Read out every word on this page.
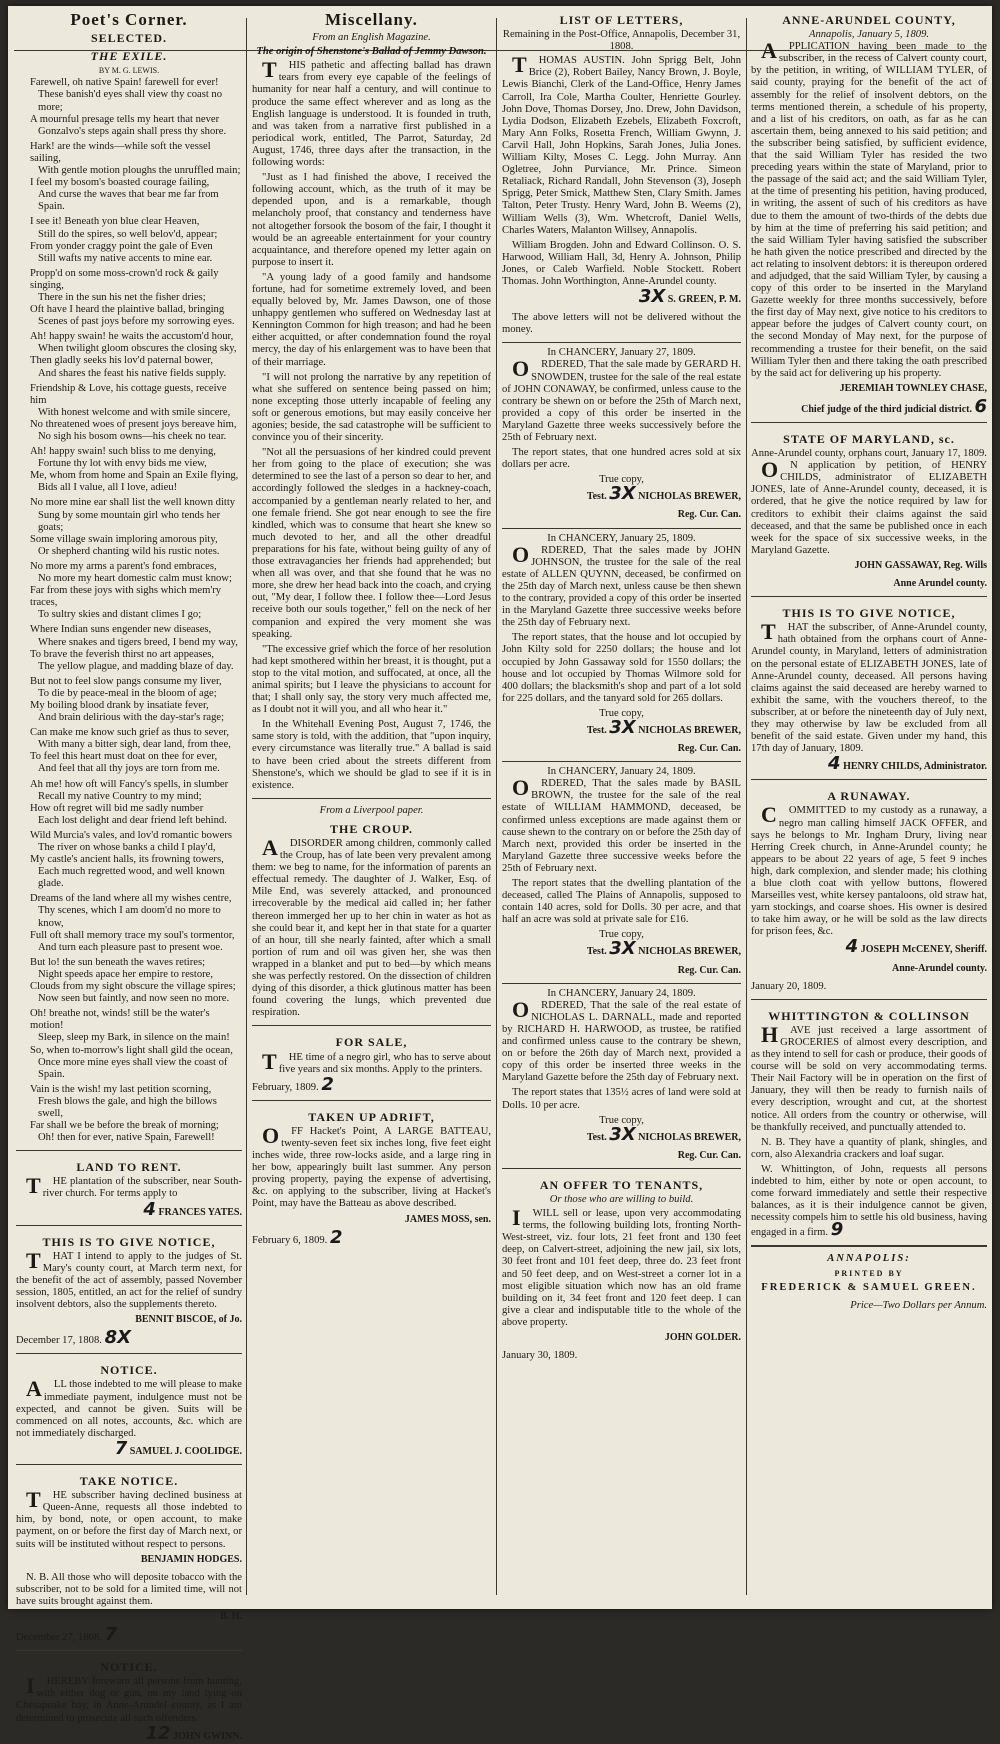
Poet's Corner.
SELECTED.
THE EXILE.
BY M. G. LEWIS.

Farewell, oh native Spain! farewell for ever!

These banish'd eyes shall view thy coast no more;

A mournful presage tells my heart that never

Gonzalvo's steps again shall press thy shore.

Hark! are the winds—while soft the vessel sailing,

With gentle motion ploughs the unruffled main;

I feel my bosom's boasted courage failing,

And curse the waves that bear me far from Spain.

I see it! Beneath yon blue clear Heaven,

Still do the spires, so well belov'd, appear;

From yonder craggy point the gale of Even

Still wafts my native accents to mine ear.

Propp'd on some moss-crown'd rock & gaily singing,

There in the sun his net the fisher dries;

Oft have I heard the plaintive ballad, bringing

Scenes of past joys before my sorrowing eyes.

Ah! happy swain! he waits the accustom'd hour,

When twilight gloom obscures the closing sky,

Then gladly seeks his lov'd paternal bower,

And shares the feast his native fields supply.

Friendship & Love, his cottage guests, receive him

With honest welcome and with smile sincere,

No threatened woes of present joys bereave him,

No sigh his bosom owns—his cheek no tear.

Ah! happy swain! such bliss to me denying,

Fortune thy lot with envy bids me view,

Me, whom from home and Spain an Exile flying,

Bids all I value, all I love, adieu!

No more mine ear shall list the well known ditty

Sung by some mountain girl who tends her goats;

Some village swain imploring amorous pity,

Or shepherd chanting wild his rustic notes.

No more my arms a parent's fond embraces,

No more my heart domestic calm must know;

Far from these joys with sighs which mem'ry traces,

To sultry skies and distant climes I go;

Where Indian suns engender new diseases,

Where snakes and tigers breed, I bend my way,

To brave the feverish thirst no art appeases,

The yellow plague, and madding blaze of day.

But not to feel slow pangs consume my liver,

To die by peace-meal in the bloom of age;

My boiling blood drank by insatiate fever,

And brain delirious with the day-star's rage;

Can make me know such grief as thus to sever,

With many a bitter sigh, dear land, from thee,

To feel this heart must doat on thee for ever,

And feel that all thy joys are torn from me.

Ah me! how oft will Fancy's spells, in slumber

Recall my native Country to my mind;

How oft regret will bid me sadly number

Each lost delight and dear friend left behind.

Wild Murcia's vales, and lov'd romantic bowers

The river on whose banks a child I play'd,

My castle's ancient halls, its frowning towers,

Each much regretted wood, and well known glade.

Dreams of the land where all my wishes centre,

Thy scenes, which I am doom'd no more to know,

Full oft shall memory trace my soul's tormentor,

And turn each pleasure past to present woe.

But lo! the sun beneath the waves retires;

Night speeds apace her empire to restore,

Clouds from my sight obscure the village spires;

Now seen but faintly, and now seen no more.

Oh! breathe not, winds! still be the water's motion!

Sleep, sleep my Bark, in silence on the main!

So, when to-morrow's light shall gild the ocean,

Once more mine eyes shall view the coast of Spain.

Vain is the wish! my last petition scorning,

Fresh blows the gale, and high the billows swell,

Far shall we be before the break of morning;

Oh! then for ever, native Spain, Farewell!

LAND TO RENT.

THE plantation of the subscriber, near South-river church. For terms apply to

4 FRANCES YATES.
THIS IS TO GIVE NOTICE,

THAT I intend to apply to the judges of St. Mary's county court, at March term next, for the benefit of the act of assembly, passed November session, 1805, entitled, an act for the relief of sundry insolvent debtors, also the supplements thereto.

BENNIT BISCOE, of Jo.
December 17, 1808. 8X
NOTICE.

ALL those indebted to me will please to make immediate payment, indulgence must not be expected, and cannot be given. Suits will be commenced on all notes, accounts, &c. which are not immediately discharged.

7 SAMUEL J. COOLIDGE.
TAKE NOTICE.

THE subscriber having declined business at Queen-Anne, requests all those indebted to him, by bond, note, or open account, to make payment, on or before the first day of March next, or suits will be instituted without respect to persons.

BENJAMIN HODGES.

N. B. All those who will deposite tobacco with the subscriber, not to be sold for a limited time, will not have suits brought against them.

B. H.
December 27, 1808. 7
NOTICE.

IHEREBY forewarn all persons from hunting, with either dog or gun, on my land lying on Chesapeake bay, in Anne-Arundel county, as I am determined to prosecute all such offenders.

12 JOHN GWINN.
Miscellany.
From an English Magazine.
The origin of Shenstone's Ballad of Jemmy Dawson.

THIS pathetic and affecting ballad has drawn tears from every eye capable of the feelings of humanity for near half a century, and will continue to produce the same effect wherever and as long as the English language is understood. It is founded in truth, and was taken from a narrative first published in a periodical work, entitled, The Parrot, Saturday, 2d August, 1746, three days after the transaction, in the following words:

"Just as I had finished the above, I received the following account, which, as the truth of it may be depended upon, and is a remarkable, though melancholy proof, that constancy and tenderness have not altogether forsook the bosom of the fair, I thought it would be an agreeable entertainment for your country acquaintance, and therefore opened my letter again on purpose to insert it.

"A young lady of a good family and handsome fortune, had for sometime extremely loved, and been equally beloved by, Mr. James Dawson, one of those unhappy gentlemen who suffered on Wednesday last at Kennington Common for high treason; and had he been either acquitted, or after condemnation found the royal mercy, the day of his enlargement was to have been that of their marriage.

"I will not prolong the narrative by any repetition of what she suffered on sentence being passed on him; none excepting those utterly incapable of feeling any soft or generous emotions, but may easily conceive her agonies; beside, the sad catastrophe will be sufficient to convince you of their sincerity.

"Not all the persuasions of her kindred could prevent her from going to the place of execution; she was determined to see the last of a person so dear to her, and accordingly followed the sledges in a hackney-coach, accompanied by a gentleman nearly related to her, and one female friend. She got near enough to see the fire kindled, which was to consume that heart she knew so much devoted to her, and all the other dreadful preparations for his fate, without being guilty of any of those extravagancies her friends had apprehended; but when all was over, and that she found that he was no more, she drew her head back into the coach, and crying out, "My dear, I follow thee. I follow thee—Lord Jesus receive both our souls together," fell on the neck of her companion and expired the very moment she was speaking.

"The excessive grief which the force of her resolution had kept smothered within her breast, it is thought, put a stop to the vital motion, and suffocated, at once, all the animal spirits; but I leave the physicians to account for that; I shall only say, the story very much affected me, as I doubt not it will you, and all who hear it."

In the Whitehall Evening Post, August 7, 1746, the same story is told, with the addition, that "upon inquiry, every circumstance was literally true." A ballad is said to have been cried about the streets different from Shenstone's, which we should be glad to see if it is in existence.

From a Liverpool paper.
THE CROUP.

ADISORDER among children, commonly called the Croup, has of late been very prevalent among them: we beg to name, for the information of parents an effectual remedy. The daughter of J. Walker, Esq. of Mile End, was severely attacked, and pronounced irrecoverable by the medical aid called in; her father thereon immerged her up to her chin in water as hot as she could bear it, and kept her in that state for a quarter of an hour, till she nearly fainted, after which a small portion of rum and oil was given her, she was then wrapped in a blanket and put to bed—by which means she was perfectly restored. On the dissection of children dying of this disorder, a thick glutinous matter has been found covering the lungs, which prevented due respiration.

FOR SALE,

THE time of a negro girl, who has to serve about five years and six months. Apply to the printers.

February, 1809. 2
TAKEN UP ADRIFT,

OFF Hacket's Point, A LARGE BATTEAU, twenty-seven feet six inches long, five feet eight inches wide, three row-locks aside, and a large ring in her bow, appearingly built last summer. Any person proving property, paying the expense of advertising, &c. on applying to the subscriber, living at Hacket's Point, may have the Batteau as above described.

JAMES MOSS, sen.
February 6, 1809. 2
LIST OF LETTERS,
Remaining in the Post-Office, Annapolis, December 31, 1808.

THOMAS AUSTIN. John Sprigg Belt, John Brice (2), Robert Bailey, Nancy Brown, J. Boyle, Lewis Bianchi, Clerk of the Land-Office, Henry James Carroll, Ira Cole, Martha Coulter, Henriette Gourley. John Dove, Thomas Dorsey, Jno. Drew, John Davidson, Lydia Dodson, Elizabeth Ezebels, Elizabeth Foxcroft, Mary Ann Folks, Rosetta French, William Gwynn, J. Carvil Hall, John Hopkins, Sarah Jones, Julia Jones. William Kilty, Moses C. Legg. John Murray. Ann Ogletree, John Purviance, Mr. Prince. Simeon Retaliack, Richard Randall, John Stevenson (3), Joseph Sprigg, Peter Smick, Matthew Sten, Clary Smith. James Talton, Peter Trusty. Henry Ward, John B. Weems (2), William Wells (3), Wm. Whetcroft, Daniel Wells, Charles Waters, Malanton Willsey, Annapolis.

William Brogden. John and Edward Collinson. O. S. Harwood, William Hall, 3d, Henry A. Johnson, Philip Jones, or Caleb Warfield. Noble Stockett. Robert Thomas. John Worthington, Anne-Arundel county.

3X S. GREEN, P. M.

The above letters will not be delivered without the money.

In CHANCERY, January 27, 1809.

ORDERED, That the sale made by GERARD H. SNOWDEN, trustee for the sale of the real estate of JOHN CONAWAY, be confirmed, unless cause to the contrary be shewn on or before the 25th of March next, provided a copy of this order be inserted in the Maryland Gazette three weeks successively before the 25th of February next.

The report states, that one hundred acres sold at six dollars per acre.

True copy,
Test. 3X NICHOLAS BREWER,
Reg. Cur. Can.
In CHANCERY, January 25, 1809.

ORDERED, That the sales made by JOHN JOHNSON, the trustee for the sale of the real estate of ALLEN QUYNN, deceased, be confirmed on the 25th day of March next, unless cause be then shewn to the contrary, provided a copy of this order be inserted in the Maryland Gazette three successive weeks before the 25th day of February next.

The report states, that the house and lot occupied by John Kilty sold for 2250 dollars; the house and lot occupied by John Gassaway sold for 1550 dollars; the house and lot occupied by Thomas Wilmore sold for 400 dollars; the blacksmith's shop and part of a lot sold for 225 dollars, and the tanyard sold for 265 dollars.

True copy,
Test. 3X NICHOLAS BREWER,
Reg. Cur. Can.
In CHANCERY, January 24, 1809.

ORDERED, That the sales made by BASIL BROWN, the trustee for the sale of the real estate of WILLIAM HAMMOND, deceased, be confirmed unless exceptions are made against them or cause shewn to the contrary on or before the 25th day of March next, provided this order be inserted in the Maryland Gazette three successive weeks before the 25th of February next.

The report states that the dwelling plantation of the deceased, called The Plains of Annapolis, supposed to contain 140 acres, sold for Dolls. 30 per acre, and that half an acre was sold at private sale for £16.

True copy,
Test. 3X NICHOLAS BREWER,
Reg. Cur. Can.
In CHANCERY, January 24, 1809.

ORDERED, That the sale of the real estate of NICHOLAS L. DARNALL, made and reported by RICHARD H. HARWOOD, as trustee, be ratified and confirmed unless cause to the contrary be shewn, on or before the 26th day of March next, provided a copy of this order be inserted three weeks in the Maryland Gazette before the 25th day of February next.

The report states that 135½ acres of land were sold at Dolls. 10 per acre.

True copy,
Test. 3X NICHOLAS BREWER,
Reg. Cur. Can.
AN OFFER TO TENANTS,
Or those who are willing to build.

IWILL sell or lease, upon very accommodating terms, the following building lots, fronting North-West-street, viz. four lots, 21 feet front and 130 feet deep, on Calvert-street, adjoining the new jail, six lots, 30 feet front and 101 feet deep, three do. 23 feet front and 50 feet deep, and on West-street a corner lot in a most eligible situation which now has an old frame building on it, 34 feet front and 120 feet deep. I can give a clear and indisputable title to the whole of the above property.

JOHN GOLDER.
January 30, 1809.
ANNE-ARUNDEL COUNTY,
Annapolis, January 5, 1809.

APPLICATION having been made to the subscriber, in the recess of Calvert county court, by the petition, in writing, of WILLIAM TYLER, of said county, praying for the benefit of the act of assembly for the relief of insolvent debtors, on the terms mentioned therein, a schedule of his property, and a list of his creditors, on oath, as far as he can ascertain them, being annexed to his said petition; and the subscriber being satisfied, by sufficient evidence, that the said William Tyler has resided the two preceding years within the state of Maryland, prior to the passage of the said act; and the said William Tyler, at the time of presenting his petition, having produced, in writing, the assent of such of his creditors as have due to them the amount of two-thirds of the debts due by him at the time of preferring his said petition; and the said William Tyler having satisfied the subscriber he hath given the notice prescribed and directed by the act relating to insolvent debtors: it is thereupon ordered and adjudged, that the said William Tyler, by causing a copy of this order to be inserted in the Maryland Gazette weekly for three months successively, before the first day of May next, give notice to his creditors to appear before the judges of Calvert county court, on the second Monday of May next, for the purpose of recommending a trustee for their benefit, on the said William Tyler then and there taking the oath prescribed by the said act for delivering up his property.

JEREMIAH TOWNLEY CHASE,
Chief judge of the third judicial district. 6
STATE OF MARYLAND, sc.
Anne-Arundel county, orphans court, January 17, 1809.

ON application by petition, of HENRY CHILDS, administrator of ELIZABETH JONES, late of Anne-Arundel county, deceased, it is ordered, that he give the notice required by law for creditors to exhibit their claims against the said deceased, and that the same be published once in each week for the space of six successive weeks, in the Maryland Gazette.

JOHN GASSAWAY, Reg. Wills
Anne Arundel county.
THIS IS TO GIVE NOTICE,

THAT the subscriber, of Anne-Arundel county, hath obtained from the orphans court of Anne-Arundel county, in Maryland, letters of administration on the personal estate of ELIZABETH JONES, late of Anne-Arundel county, deceased. All persons having claims against the said deceased are hereby warned to exhibit the same, with the vouchers thereof, to the subscriber, at or before the nineteenth day of July next, they may otherwise by law be excluded from all benefit of the said estate. Given under my hand, this 17th day of January, 1809.

4 HENRY CHILDS, Administrator.
A RUNAWAY.

COMMITTED to my custody as a runaway, a negro man calling himself JACK OFFER, and says he belongs to Mr. Ingham Drury, living near Herring Creek church, in Anne-Arundel county; he appears to be about 22 years of age, 5 feet 9 inches high, dark complexion, and slender made; his clothing a blue cloth coat with yellow buttons, flowered Marseilles vest, white kersey pantaloons, old straw hat, yarn stockings, and coarse shoes. His owner is desired to take him away, or he will be sold as the law directs for prison fees, &c.

4 JOSEPH McCENEY, Sheriff.
Anne-Arundel county.
January 20, 1809.
WHITTINGTON & COLLINSON

HAVE just received a large assortment of GROCERIES of almost every description, and as they intend to sell for cash or produce, their goods of course will be sold on very accommodating terms. Their Nail Factory will be in operation on the first of January, they will then be ready to furnish nails of every description, wrought and cut, at the shortest notice. All orders from the country or otherwise, will be thankfully received, and punctually attended to.

N. B. They have a quantity of plank, shingles, and corn, also Alexandria crackers and loaf sugar.

W. Whittington, of John, requests all persons indebted to him, either by note or open account, to come forward immediately and settle their respective balances, as it is their indulgence cannot be given, necessity compels him to settle his old business, having engaged in a firm. 9

ANNAPOLIS:
PRINTED BY
FREDERICK & SAMUEL GREEN.
Price—Two Dollars per Annum.
